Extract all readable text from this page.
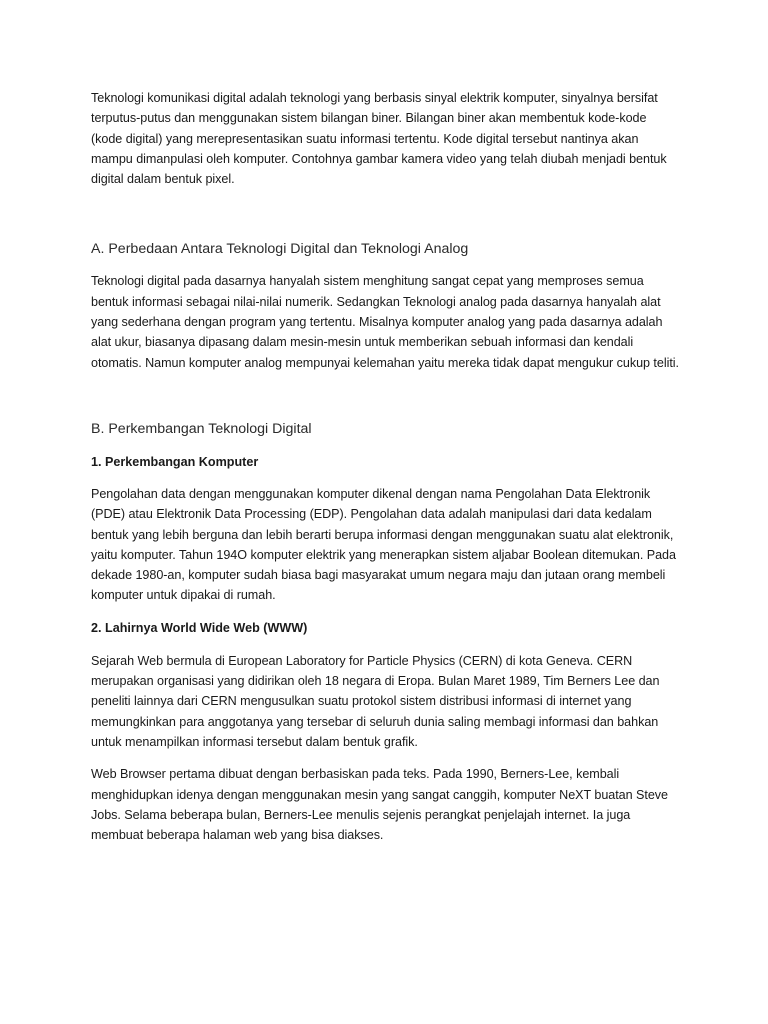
Teknologi komunikasi digital adalah teknologi yang berbasis sinyal elektrik komputer, sinyalnya bersifat terputus-putus dan menggunakan sistem bilangan biner. Bilangan biner akan membentuk kode-kode (kode digital) yang merepresentasikan suatu informasi tertentu. Kode digital tersebut nantinya akan mampu dimanpulasi oleh komputer. Contohnya gambar kamera video yang telah diubah menjadi bentuk digital dalam bentuk pixel.

A. Perbedaan Antara Teknologi Digital dan Teknologi Analog

Teknologi digital pada dasarnya hanyalah sistem menghitung sangat cepat yang memproses semua bentuk informasi sebagai nilai-nilai numerik. Sedangkan Teknologi analog pada dasarnya hanyalah alat yang sederhana dengan program yang tertentu. Misalnya komputer analog yang pada dasarnya adalah alat ukur, biasanya dipasang dalam mesin-mesin untuk memberikan sebuah informasi dan kendali otomatis. Namun komputer analog mempunyai kelemahan yaitu mereka tidak dapat mengukur cukup teliti.

B. Perkembangan Teknologi Digital

1. Perkembangan Komputer

Pengolahan data dengan menggunakan komputer dikenal dengan nama Pengolahan Data Elektronik (PDE) atau Elektronik Data Processing (EDP). Pengolahan data adalah manipulasi dari data kedalam bentuk yang lebih berguna dan lebih berarti berupa informasi dengan menggunakan suatu alat elektronik, yaitu komputer. Tahun 194O komputer elektrik yang menerapkan sistem aljabar Boolean ditemukan. Pada dekade 1980-an, komputer sudah biasa bagi masyarakat umum negara maju dan jutaan orang membeli komputer untuk dipakai di rumah.

2. Lahirnya World Wide Web (WWW)

Sejarah Web bermula di European Laboratory for Particle Physics (CERN) di kota Geneva. CERN merupakan organisasi yang didirikan oleh 18 negara di Eropa. Bulan Maret 1989, Tim Berners Lee dan peneliti lainnya dari CERN mengusulkan suatu protokol sistem distribusi informasi di internet yang memungkinkan para anggotanya yang tersebar di seluruh dunia saling membagi informasi dan bahkan untuk menampilkan informasi tersebut dalam bentuk grafik.

Web Browser pertama dibuat dengan berbasiskan pada teks. Pada 1990, Berners-Lee, kembali menghidupkan idenya dengan menggunakan mesin yang sangat canggih, komputer NeXT buatan Steve Jobs. Selama beberapa bulan, Berners-Lee menulis sejenis perangkat penjelajah internet. Ia juga membuat beberapa halaman web yang bisa diakses.
